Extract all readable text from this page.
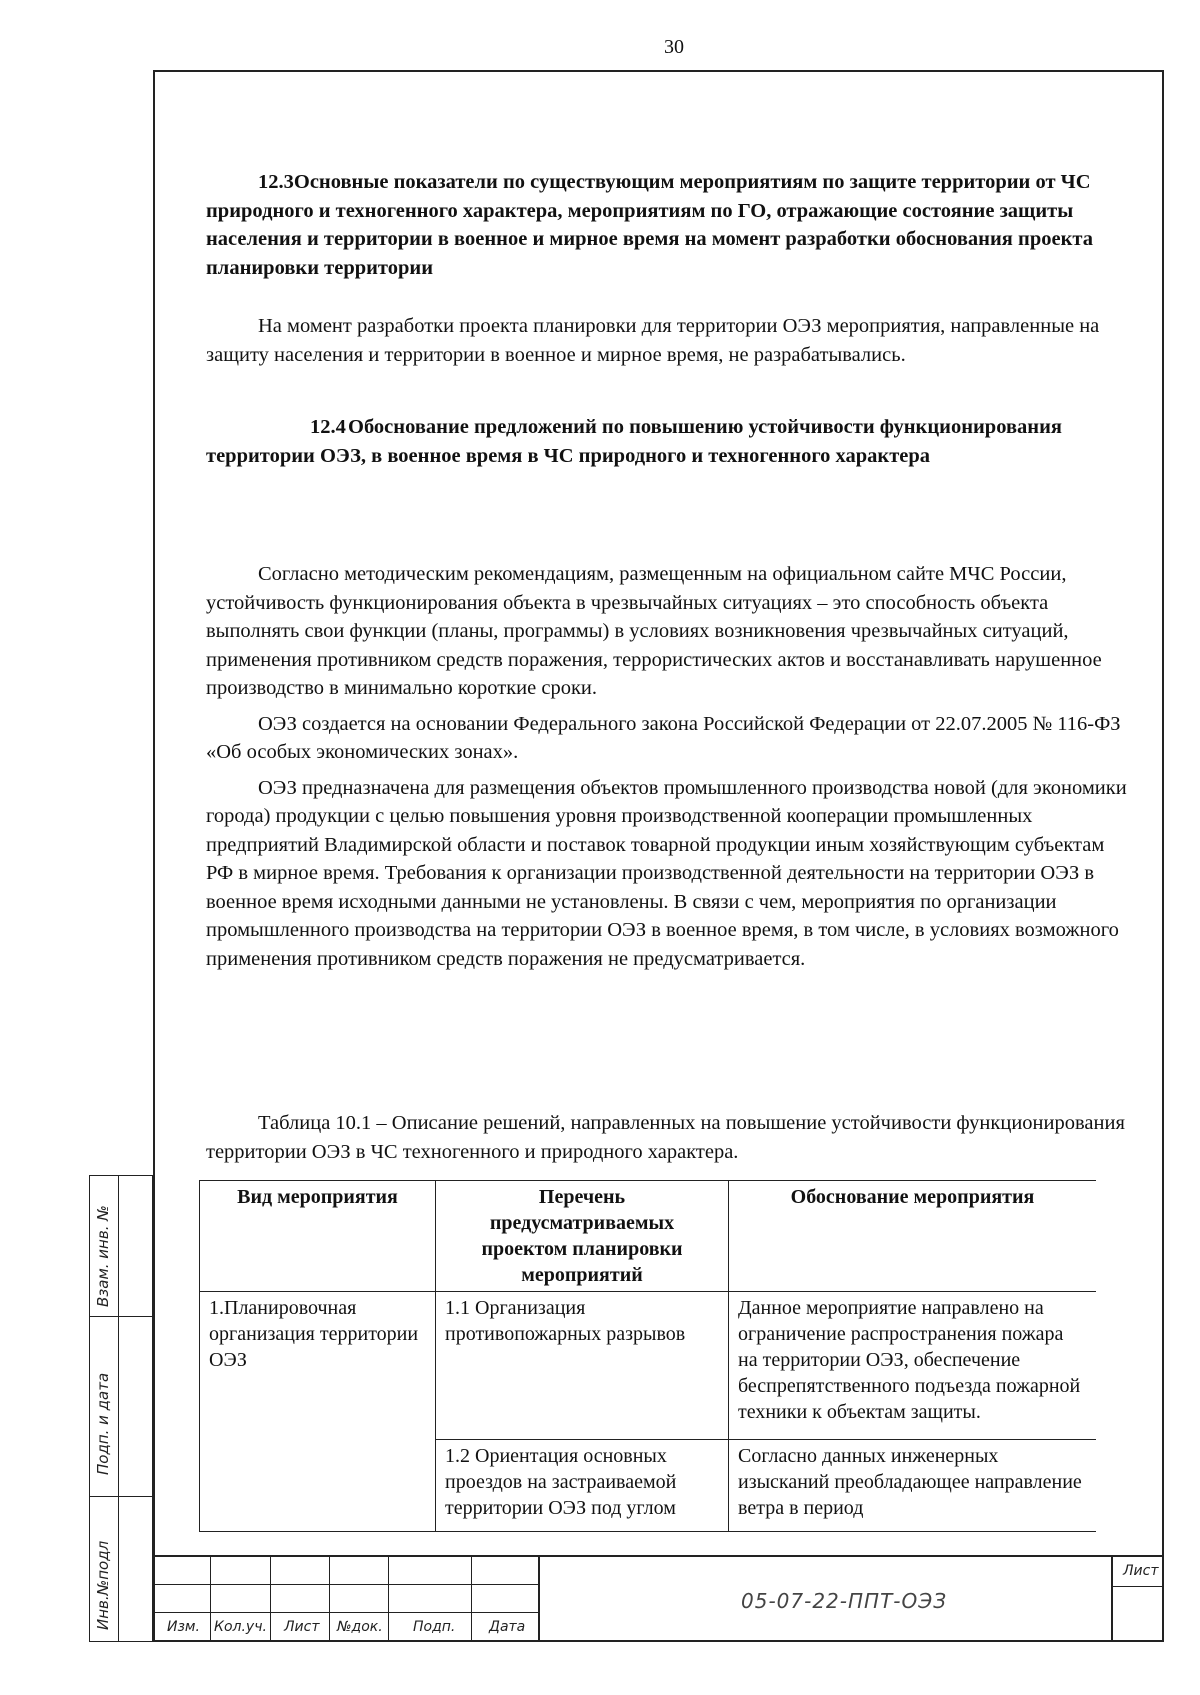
30

12.3Основные показатели по существующим мероприятиям по защите территории от ЧС природного и техногенного характера, мероприятиям по ГО, отражающие состояние защиты населения и территории в военное и мирное время на момент разработки обоснования проекта планировки территории

На момент разработки проекта планировки для территории ОЭЗ мероприятия, направленные на защиту населения и территории в военное и мирное время, не разрабатывались.

12.4 Обоснование предложений по повышению устойчивости функционирования территории ОЭЗ, в военное время в ЧС природного и техногенного характера

Согласно методическим рекомендациям, размещенным на официальном сайте МЧС России, устойчивость функционирования объекта в чрезвычайных ситуациях – это способность объекта выполнять свои функции (планы, программы) в условиях возникновения чрезвычайных ситуаций, применения противником средств поражения, террористических актов и восстанавливать нарушенное производство в минимально короткие сроки.

ОЭЗ создается на основании Федерального закона Российской Федерации от 22.07.2005 № 116-ФЗ «Об особых экономических зонах».

ОЭЗ предназначена для размещения объектов промышленного производства новой (для экономики города) продукции с целью повышения уровня производственной кооперации промышленных предприятий Владимирской области и поставок товарной продукции иным хозяйствующим субъектам РФ в мирное время. Требования к организации производственной деятельности на территории ОЭЗ в военное время исходными данными не установлены. В связи с чем, мероприятия по организации промышленного производства на территории ОЭЗ в военное время, в том числе, в условиях возможного применения противником средств поражения не предусматривается.

Таблица 10.1 – Описание решений, направленных на повышение устойчивости функционирования территории ОЭЗ в ЧС техногенного и природного характера.

Вид мероприятия	Перечень предусматриваемых проектом планировки мероприятий	Обоснование мероприятия
1.Планировочная организация территории ОЭЗ	1.1 Организация противопожарных разрывов	Данное мероприятие направлено на ограничение распространения пожара на территории ОЭЗ, обеспечение беспрепятственного подъезда пожарной техники к объектам защиты.
	1.2 Ориентация основных проездов на застраиваемой территории ОЭЗ под углом	Согласно данных инженерных изысканий преобладающее направление ветра в период
Взам. инв. №
Подп. и дата
Инв.№подл	Изм. Кол.уч. Лист №док. Подп. Дата
Лист
05-07-22-ППТ-ОЭЗ
